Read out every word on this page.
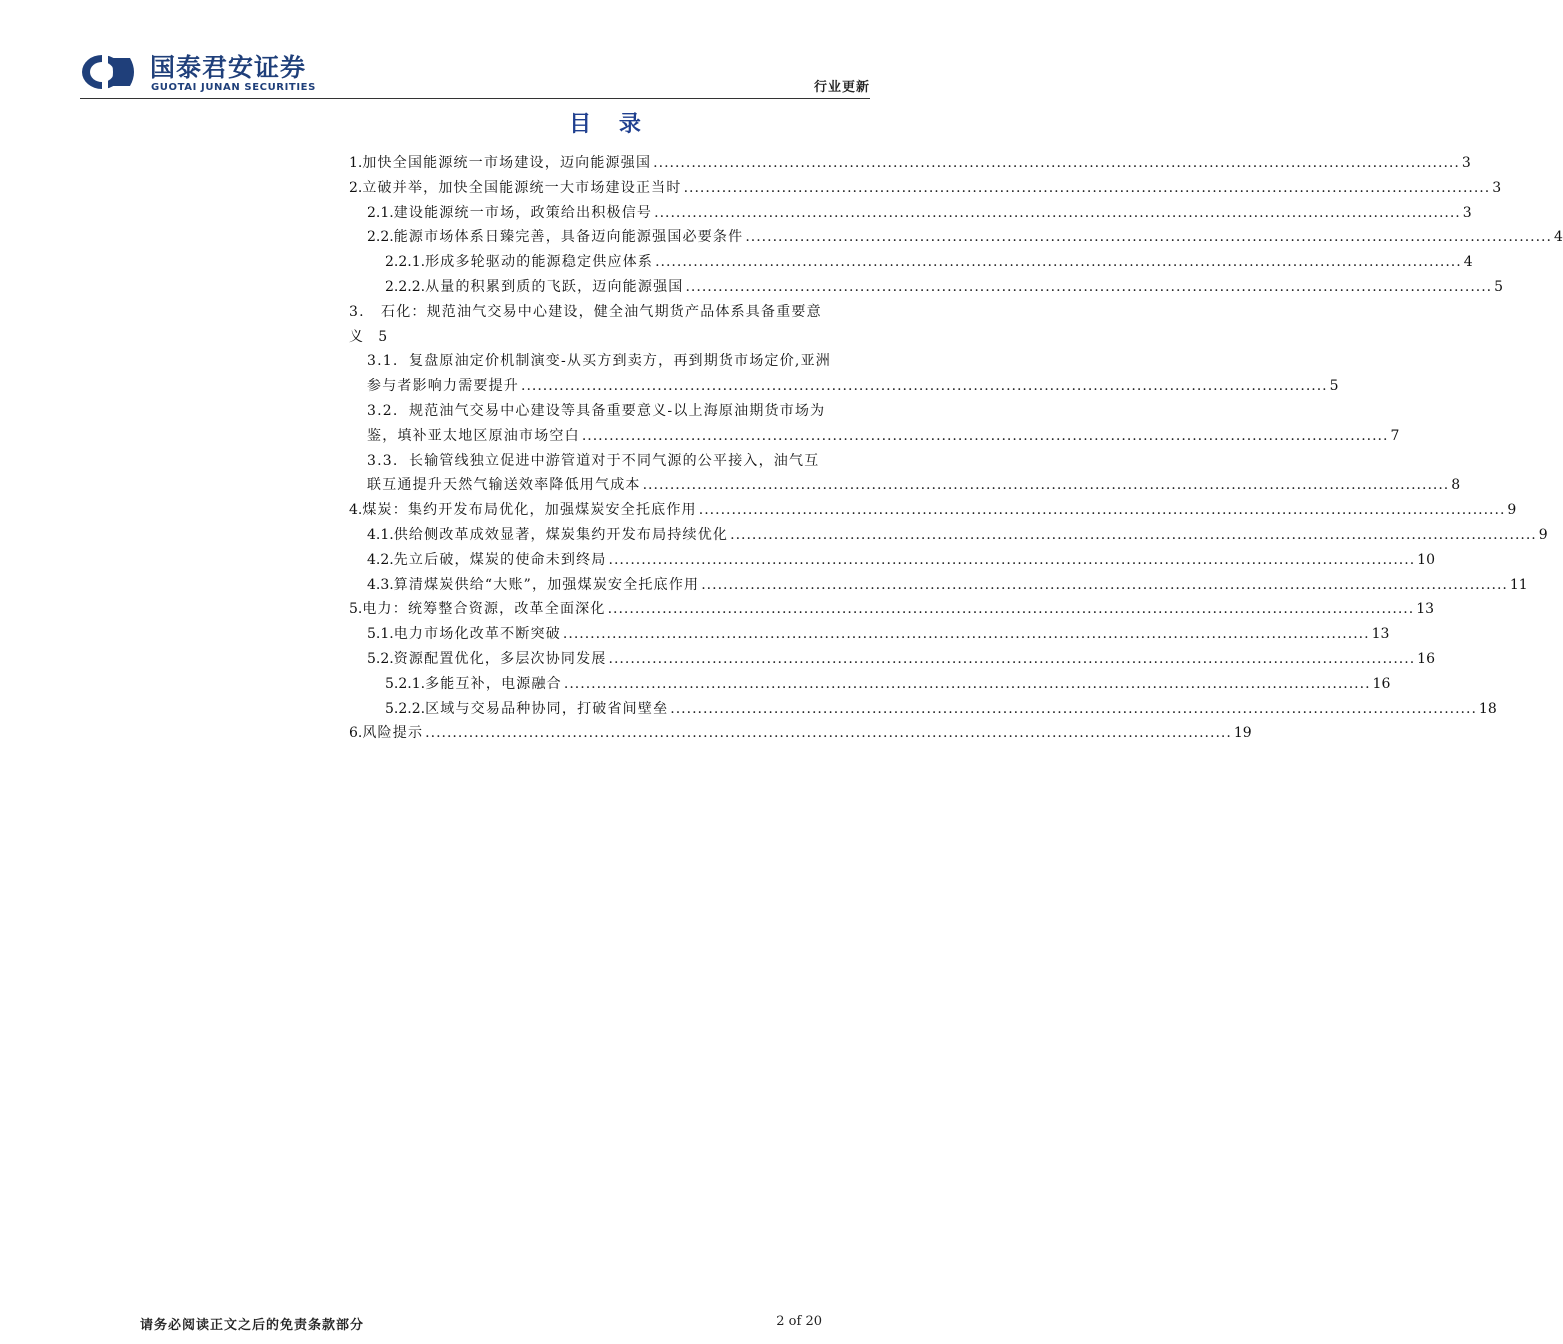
国泰君安证券
GUOTAI JUNAN SECURITIES	行业更新
目 录
1. 加快全国能源统一市场建设，迈向能源强国 .................................................................................................................................................... 3
2. 立破并举，加快全国能源统一大市场建设正当时 .................................................................................................................................................... 3
2.1. 建设能源统一市场，政策给出积极信号 .................................................................................................................................................... 3
2.2. 能源市场体系日臻完善，具备迈向能源强国必要条件 .................................................................................................................................................... 4
2.2.1. 形成多轮驱动的能源稳定供应体系 .................................................................................................................................................... 4
2.2.2. 从量的积累到质的飞跃，迈向能源强国 .................................................................................................................................................... 5
3. 石化：规范油气交易中心建设，健全油气期货产品体系具备重要意
义 5
3.1. 复盘原油定价机制演变-从买方到卖方，再到期货市场定价,亚洲
参与者影响力需要提升 .................................................................................................................................................... 5
3.2. 规范油气交易中心建设等具备重要意义-以上海原油期货市场为
鉴，填补亚太地区原油市场空白 .................................................................................................................................................... 7
3.3. 长输管线独立促进中游管道对于不同气源的公平接入，油气互
联互通提升天然气输送效率降低用气成本 .................................................................................................................................................... 8
4. 煤炭：集约开发布局优化，加强煤炭安全托底作用 .................................................................................................................................................... 9
4.1. 供给侧改革成效显著，煤炭集约开发布局持续优化 .................................................................................................................................................... 9
4.2. 先立后破，煤炭的使命未到终局 .................................................................................................................................................... 10
4.3. 算清煤炭供给“大账”，加强煤炭安全托底作用 .................................................................................................................................................... 11
5. 电力：统筹整合资源，改革全面深化 .................................................................................................................................................... 13
5.1. 电力市场化改革不断突破 .................................................................................................................................................... 13
5.2. 资源配置优化，多层次协同发展 .................................................................................................................................................... 16
5.2.1. 多能互补，电源融合 .................................................................................................................................................... 16
5.2.2. 区域与交易品种协同，打破省间壁垒 .................................................................................................................................................... 18
6. 风险提示 .................................................................................................................................................... 19
请务必阅读正文之后的免责条款部分	2 of 20
